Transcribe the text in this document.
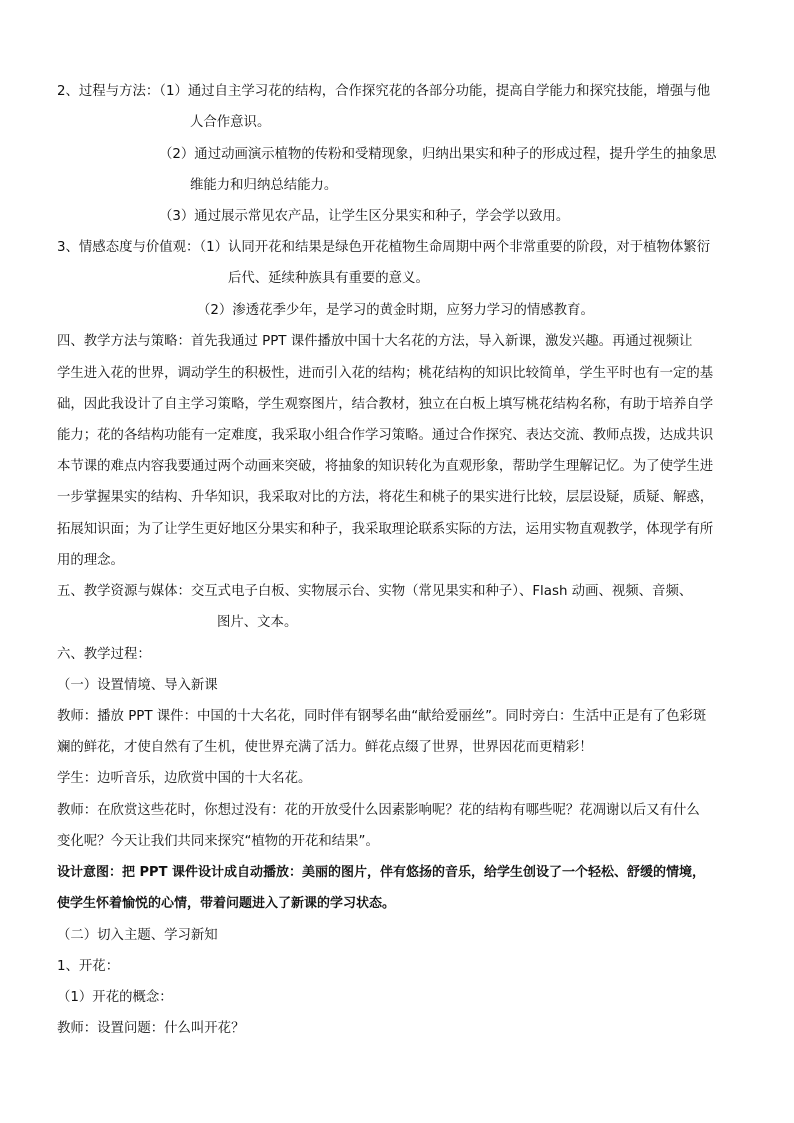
2、过程与方法：（1）通过自主学习花的结构，合作探究花的各部分功能，提高自学能力和探究技能，增强与他
人合作意识。
（2）通过动画演示植物的传粉和受精现象，归纳出果实和种子的形成过程，提升学生的抽象思
维能力和归纳总结能力。
（3）通过展示常见农产品，让学生区分果实和种子，学会学以致用。
3、情感态度与价值观：（1）认同开花和结果是绿色开花植物生命周期中两个非常重要的阶段，对于植物体繁衍
后代、延续种族具有重要的意义。
（2）渗透花季少年，是学习的黄金时期，应努力学习的情感教育。
四、教学方法与策略：首先我通过 PPT 课件播放中国十大名花的方法，导入新课，激发兴趣。再通过视频让
学生进入花的世界，调动学生的积极性，进而引入花的结构；桃花结构的知识比较简单，学生平时也有一定的基
础，因此我设计了自主学习策略，学生观察图片，结合教材，独立在白板上填写桃花结构名称，有助于培养自学
能力；花的各结构功能有一定难度，我采取小组合作学习策略。通过合作探究、表达交流、教师点拨，达成共识
本节课的难点内容我要通过两个动画来突破，将抽象的知识转化为直观形象，帮助学生理解记忆。为了使学生进
一步掌握果实的结构、升华知识，我采取对比的方法，将花生和桃子的果实进行比较，层层设疑，质疑、解惑，
拓展知识面；为了让学生更好地区分果实和种子，我采取理论联系实际的方法，运用实物直观教学，体现学有所
用的理念。
五、教学资源与媒体：交互式电子白板、实物展示台、实物（常见果实和种子）、Flash 动画、视频、音频、
图片、文本。
六、教学过程：
（一）设置情境、导入新课
教师：播放 PPT 课件：中国的十大名花，同时伴有钢琴名曲“献给爱丽丝”。同时旁白：生活中正是有了色彩斑
斓的鲜花，才使自然有了生机，使世界充满了活力。鲜花点缀了世界，世界因花而更精彩！
学生：边听音乐，边欣赏中国的十大名花。
教师：在欣赏这些花时，你想过没有：花的开放受什么因素影响呢？花的结构有哪些呢？花凋谢以后又有什么
变化呢？今天让我们共同来探究“植物的开花和结果”。
设计意图：把 PPT 课件设计成自动播放：美丽的图片，伴有悠扬的音乐，给学生创设了一个轻松、舒缓的情境，
使学生怀着愉悦的心情，带着问题进入了新课的学习状态。
（二）切入主题、学习新知
1、开花：
（1）开花的概念：
教师：设置问题：什么叫开花？
